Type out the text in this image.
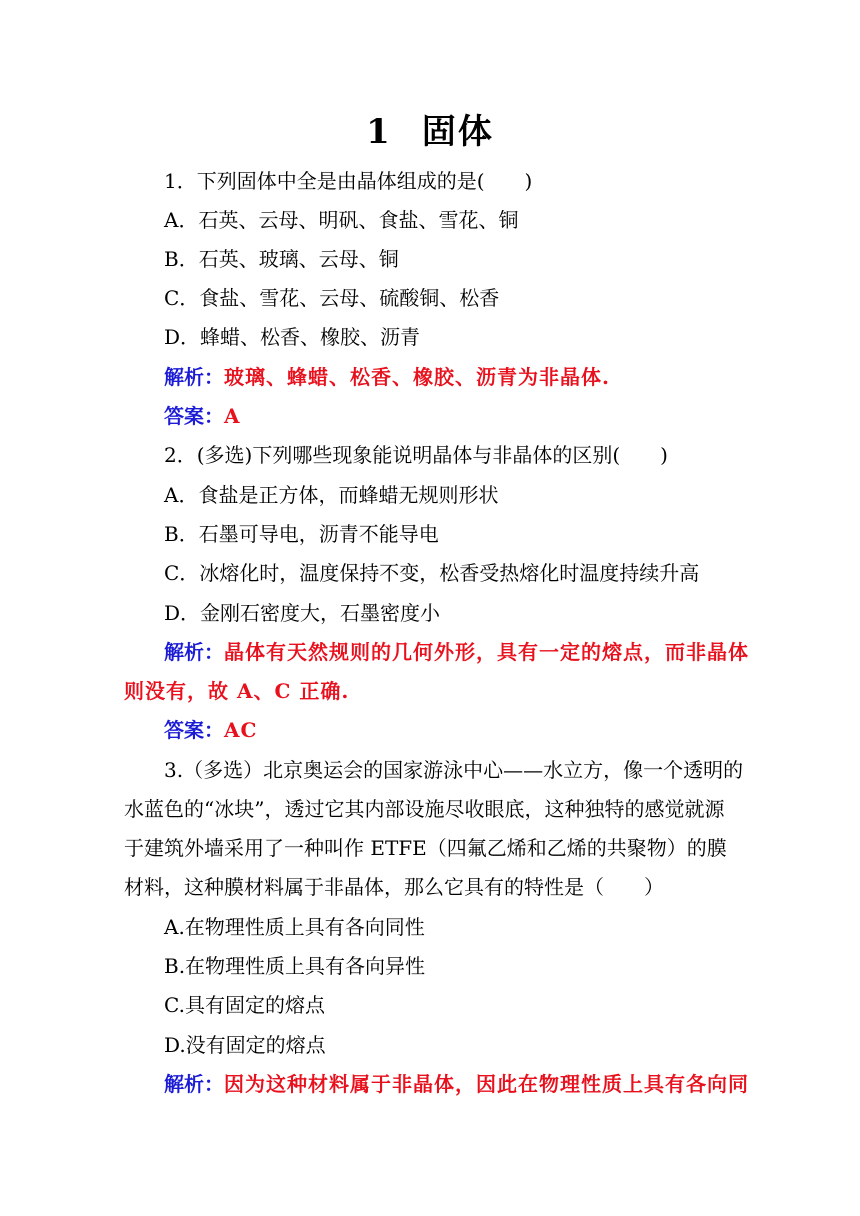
1 固体
1．下列固体中全是由晶体组成的是(　　)
A．石英、云母、明矾、食盐、雪花、铜
B．石英、玻璃、云母、铜
C．食盐、雪花、云母、硫酸铜、松香
D．蜂蜡、松香、橡胶、沥青
解析：玻璃、蜂蜡、松香、橡胶、沥青为非晶体.
答案：A
2．(多选)下列哪些现象能说明晶体与非晶体的区别(　　)
A．食盐是正方体，而蜂蜡无规则形状
B．石墨可导电，沥青不能导电
C．冰熔化时，温度保持不变，松香受热熔化时温度持续升高
D．金刚石密度大，石墨密度小
解析：晶体有天然规则的几何外形，具有一定的熔点，而非晶体
则没有，故 A、C 正确.
答案：AC
3.（多选）北京奥运会的国家游泳中心——水立方，像一个透明的
水蓝色的“冰块”，透过它其内部设施尽收眼底，这种独特的感觉就源
于建筑外墙采用了一种叫作 ETFE（四氟乙烯和乙烯的共聚物）的膜
材料，这种膜材料属于非晶体，那么它具有的特性是（　　）
A.在物理性质上具有各向同性
B.在物理性质上具有各向异性
C.具有固定的熔点
D.没有固定的熔点
解析：因为这种材料属于非晶体，因此在物理性质上具有各向同
